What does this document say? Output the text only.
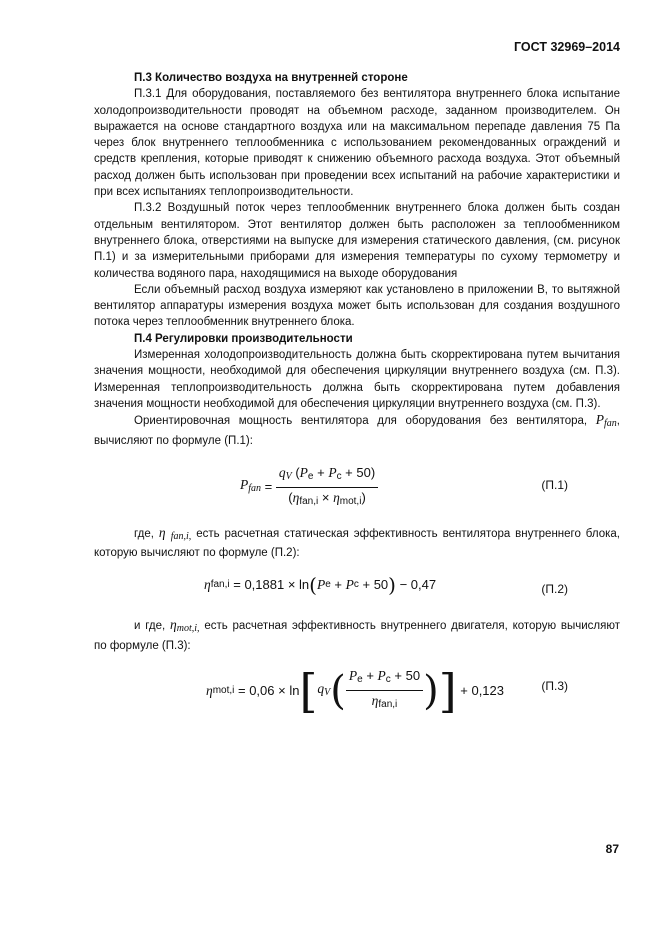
ГОСТ 32969–2014

П.3 Количество воздуха на внутренней стороне

П.3.1 Для оборудования, поставляемого без вентилятора внутреннего блока испытание холодопроизводительности проводят на объемном расходе, заданном производителем. Он выражается на основе стандартного воздуха или на максимальном перепаде давления 75 Па через блок внутреннего теплообменника с использованием рекомендованных ограждений и средств крепления, которые приводят к снижению объемного расхода воздуха. Этот объемный расход должен быть использован при проведении всех испытаний на рабочие характеристики и при всех испытаниях теплопроизводительности.

П.3.2 Воздушный поток через теплообменник внутреннего блока должен быть создан отдельным вентилятором. Этот вентилятор должен быть расположен за теплообменником внутреннего блока, отверстиями на выпуске для измерения статического давления, (см. рисунок П.1) и за измерительными приборами для измерения температуры по сухому термометру и количества водяного пара, находящимися на выходе оборудования

Если объемный расход воздуха измеряют как установлено в приложении В, то вытяжной вентилятор аппаратуры измерения воздуха может быть использован для создания воздушного потока через теплообменник внутреннего блока.

П.4 Регулировки производительности

Измеренная холодопроизводительность должна быть скорректирована путем вычитания значения мощности, необходимой для обеспечения циркуляции внутреннего воздуха (см. П.3). Измеренная теплопроизводительность должна быть скорректирована путем добавления значения мощности необходимой для обеспечения циркуляции внутреннего воздуха (см. П.3).

Ориентировочная мощность вентилятора для оборудования без вентилятора, $P_{fan}$, вычисляют по формуле (П.1):

$P_{fan} = \frac{q_V (P_e + P_c + 50)}{(\eta_{fan,i} \times \eta_{mot,i})}$	(П.1)

где, η $_{fan,i,}$ есть расчетная статическая эффективность вентилятора внутреннего блока, которую вычисляют по формуле (П.2):

η fan,i = 0,1881 × ln ( P e + P c + 50 ) − 0,47	(П.2)

и где, $\eta_{mot,i,}$ есть расчетная эффективность внутреннего двигателя, которую вычисляют по формуле (П.3):

η mot,i = 0,06 × ln [ $q_V$ ( $\frac{P_e + P_c + 50}{\eta_{fan,i}}$ ) ] + 0,123	(П.3)
87
